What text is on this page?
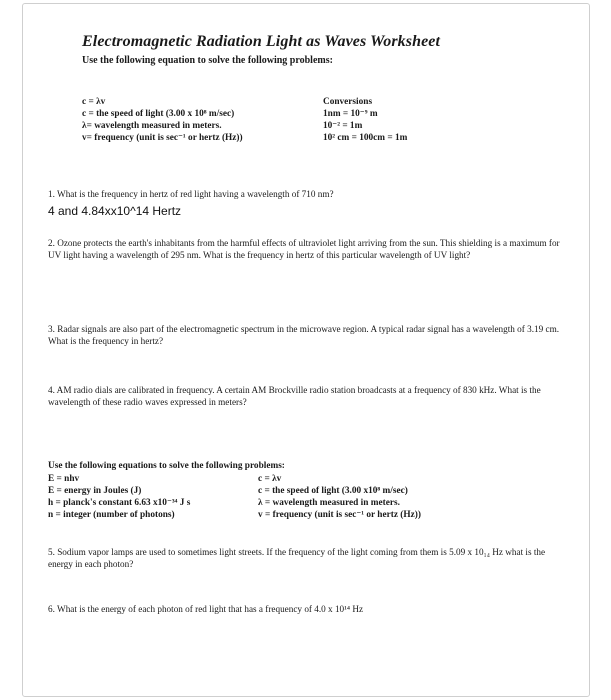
Electromagnetic Radiation Light as Waves Worksheet
Use the following equation to solve the following problems:
c = λv
c = the speed of light (3.00 x 10⁸ m/sec)
λ= wavelength measured in meters.
v= frequency (unit is sec⁻¹ or hertz (Hz))
Conversions
1nm = 10⁻⁹ m
10⁻² = 1m
10² cm = 100cm = 1m
1. What is the frequency in hertz of red light having a wavelength of 710 nm?
4 and 4.84xx10^14 Hertz
2. Ozone protects the earth's inhabitants from the harmful effects of ultraviolet light arriving from the sun. This shielding is a maximum for UV light having a wavelength of 295 nm. What is the frequency in hertz of this particular wavelength of UV light?
3. Radar signals are also part of the electromagnetic spectrum in the microwave region. A typical radar signal has a wavelength of 3.19 cm. What is the frequency in hertz?
4. AM radio dials are calibrated in frequency. A certain AM Brockville radio station broadcasts at a frequency of 830 kHz. What is the wavelength of these radio waves expressed in meters?
Use the following equations to solve the following problems:
E = nhv
E = energy in Joules (J)
h = planck's constant 6.63 x10⁻³⁴ J s
n = integer (number of photons)
c = λv
c = the speed of light (3.00 x10⁸ m/sec)
λ = wavelength measured in meters.
v = frequency (unit is sec⁻¹ or hertz (Hz))
5. Sodium vapor lamps are used to sometimes light streets. If the frequency of the light coming from them is 5.09 x 10₁₄ Hz what is the energy in each photon?
6. What is the energy of each photon of red light that has a frequency of 4.0 x 10¹⁴ Hz
